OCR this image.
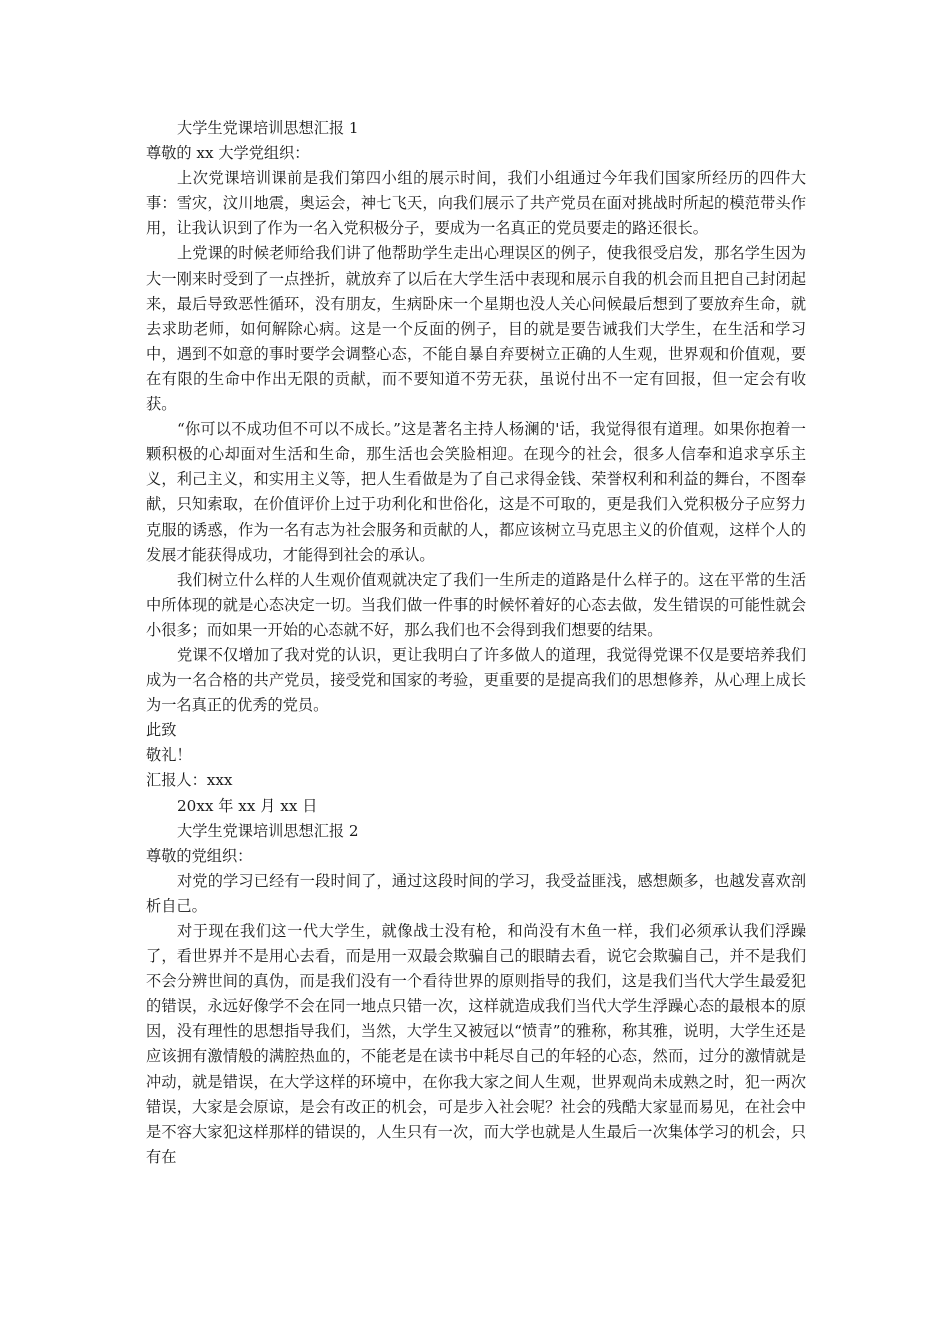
大学生党课培训思想汇报 1

尊敬的 xx 大学党组织：

上次党课培训课前是我们第四小组的展示时间，我们小组通过今年我们国家所经历的四件大事：雪灾，汶川地震，奥运会，神七飞天，向我们展示了共产党员在面对挑战时所起的模范带头作用，让我认识到了作为一名入党积极分子，要成为一名真正的党员要走的路还很长。

上党课的时候老师给我们讲了他帮助学生走出心理误区的例子，使我很受启发，那名学生因为大一刚来时受到了一点挫折，就放弃了以后在大学生活中表现和展示自我的机会而且把自己封闭起来，最后导致恶性循环，没有朋友，生病卧床一个星期也没人关心问候最后想到了要放弃生命，就去求助老师，如何解除心病。这是一个反面的例子，目的就是要告诫我们大学生，在生活和学习中，遇到不如意的事时要学会调整心态，不能自暴自弃要树立正确的人生观，世界观和价值观，要在有限的生命中作出无限的贡献，而不要知道不劳无获，虽说付出不一定有回报，但一定会有收获。

“你可以不成功但不可以不成长。”这是著名主持人杨澜的'话，我觉得很有道理。如果你抱着一颗积极的心却面对生活和生命，那生活也会笑脸相迎。在现今的社会，很多人信奉和追求享乐主义，利己主义，和实用主义等，把人生看做是为了自己求得金钱、荣誉权利和利益的舞台，不图奉献，只知索取，在价值评价上过于功利化和世俗化，这是不可取的，更是我们入党积极分子应努力克服的诱惑，作为一名有志为社会服务和贡献的人，都应该树立马克思主义的价值观，这样个人的发展才能获得成功，才能得到社会的承认。

我们树立什么样的人生观价值观就决定了我们一生所走的道路是什么样子的。这在平常的生活中所体现的就是心态决定一切。当我们做一件事的时候怀着好的心态去做，发生错误的可能性就会小很多；而如果一开始的心态就不好，那么我们也不会得到我们想要的结果。

党课不仅增加了我对党的认识，更让我明白了许多做人的道理，我觉得党课不仅是要培养我们成为一名合格的共产党员，接受党和国家的考验，更重要的是提高我们的思想修养，从心理上成长为一名真正的优秀的党员。

此致

敬礼！

汇报人：xxx

20xx 年 xx 月 xx 日

大学生党课培训思想汇报 2

尊敬的党组织：

对党的学习已经有一段时间了，通过这段时间的学习，我受益匪浅，感想颇多，也越发喜欢剖析自己。

对于现在我们这一代大学生，就像战士没有枪，和尚没有木鱼一样，我们必须承认我们浮躁了，看世界并不是用心去看，而是用一双最会欺骗自己的眼睛去看，说它会欺骗自己，并不是我们不会分辨世间的真伪，而是我们没有一个看待世界的原则指导的我们，这是我们当代大学生最爱犯的错误，永远好像学不会在同一地点只错一次，这样就造成我们当代大学生浮躁心态的最根本的原因，没有理性的思想指导我们，当然，大学生又被冠以“愤青”的雅称，称其雅，说明，大学生还是应该拥有激情般的满腔热血的，不能老是在读书中耗尽自己的年轻的心态，然而，过分的激情就是冲动，就是错误，在大学这样的环境中，在你我大家之间人生观，世界观尚未成熟之时，犯一两次错误，大家是会原谅，是会有改正的机会，可是步入社会呢？社会的残酷大家显而易见，在社会中是不容大家犯这样那样的错误的，人生只有一次，而大学也就是人生最后一次集体学习的机会，只有在
